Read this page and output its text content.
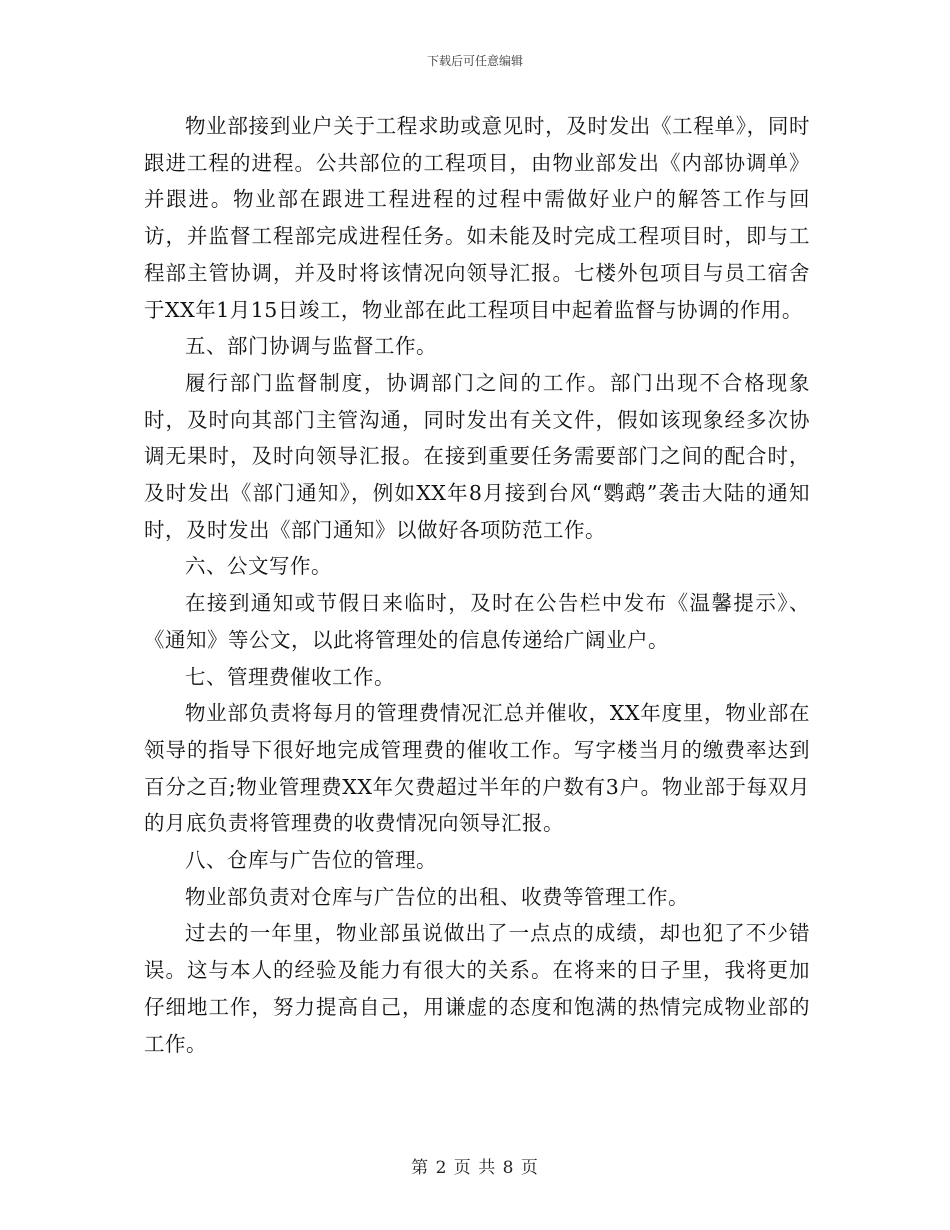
下载后可任意编辑

物业部接到业户关于工程求助或意见时，及时发出《工程单》，同时跟进工程的进程。公共部位的工程项目，由物业部发出《内部协调单》并跟进。物业部在跟进工程进程的过程中需做好业户的解答工作与回访，并监督工程部完成进程任务。如未能及时完成工程项目时，即与工程部主管协调，并及时将该情况向领导汇报。七楼外包项目与员工宿舍于XX年1月15日竣工，物业部在此工程项目中起着监督与协调的作用。

五、部门协调与监督工作。

履行部门监督制度，协调部门之间的工作。部门出现不合格现象时，及时向其部门主管沟通，同时发出有关文件，假如该现象经多次协调无果时，及时向领导汇报。在接到重要任务需要部门之间的配合时，及时发出《部门通知》，例如XX年8月接到台风“鹦鹉”袭击大陆的通知时，及时发出《部门通知》以做好各项防范工作。

六、公文写作。

在接到通知或节假日来临时，及时在公告栏中发布《温馨提示》、《通知》等公文，以此将管理处的信息传递给广阔业户。

七、管理费催收工作。

物业部负责将每月的管理费情况汇总并催收，XX年度里，物业部在领导的指导下很好地完成管理费的催收工作。写字楼当月的缴费率达到百分之百;物业管理费XX年欠费超过半年的户数有3户。物业部于每双月的月底负责将管理费的收费情况向领导汇报。

八、仓库与广告位的管理。

物业部负责对仓库与广告位的出租、收费等管理工作。

过去的一年里，物业部虽说做出了一点点的成绩，却也犯了不少错误。这与本人的经验及能力有很大的关系。在将来的日子里，我将更加仔细地工作，努力提高自己，用谦虚的态度和饱满的热情完成物业部的工作。

第 2 页 共 8 页
